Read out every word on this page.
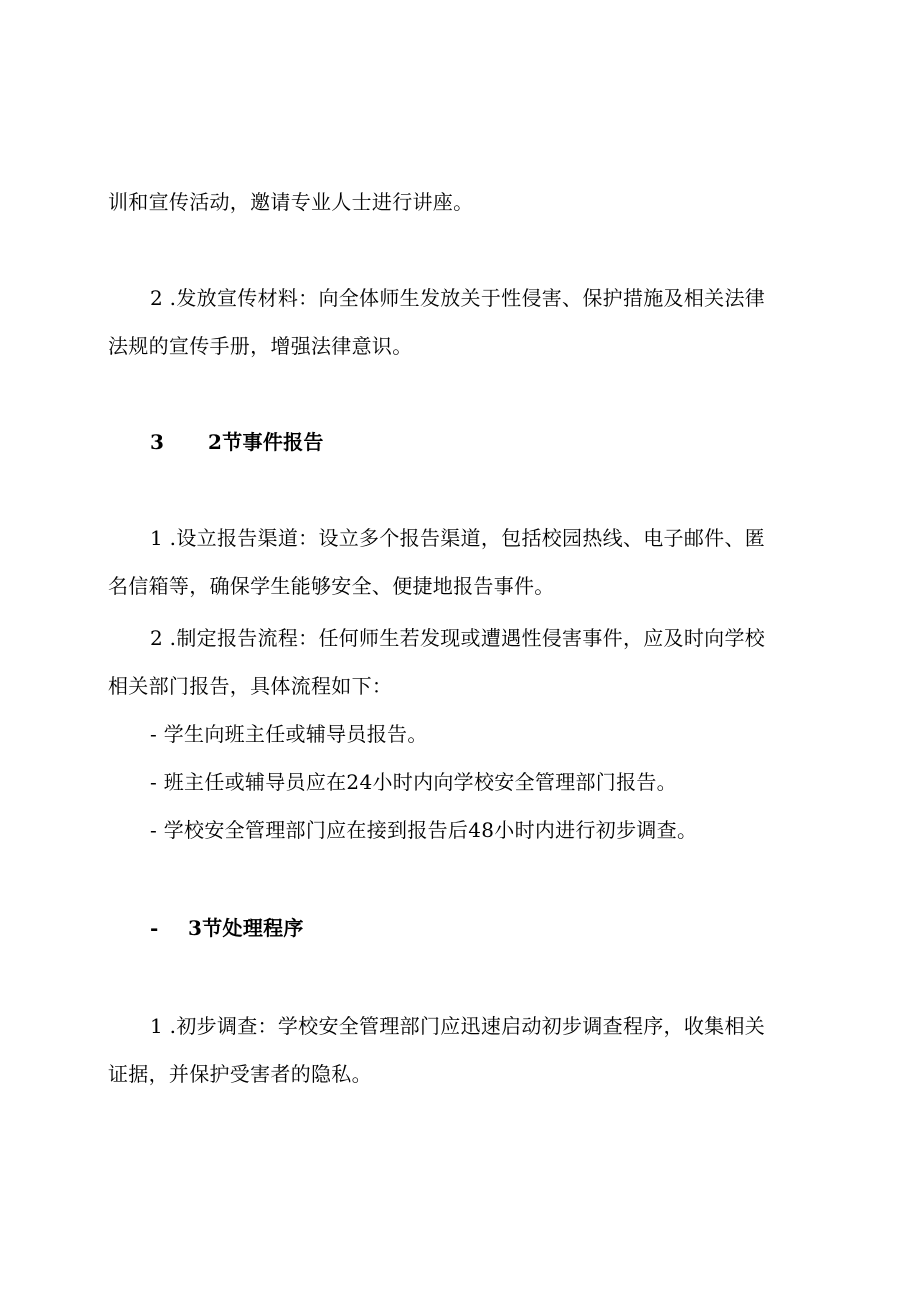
训和宣传活动，邀请专业人士进行讲座。
2 .发放宣传材料：向全体师生发放关于性侵害、保护措施及相关法律
法规的宣传手册，增强法律意识。
3 2节事件报告
1 .设立报告渠道：设立多个报告渠道，包括校园热线、电子邮件、匿
名信箱等，确保学生能够安全、便捷地报告事件。
2 .制定报告流程：任何师生若发现或遭遇性侵害事件，应及时向学校
相关部门报告，具体流程如下：
- 学生向班主任或辅导员报告。
- 班主任或辅导员应在24小时内向学校安全管理部门报告。
- 学校安全管理部门应在接到报告后48小时内进行初步调查。
- 3节处理程序
1 .初步调查：学校安全管理部门应迅速启动初步调查程序，收集相关
证据，并保护受害者的隐私。
